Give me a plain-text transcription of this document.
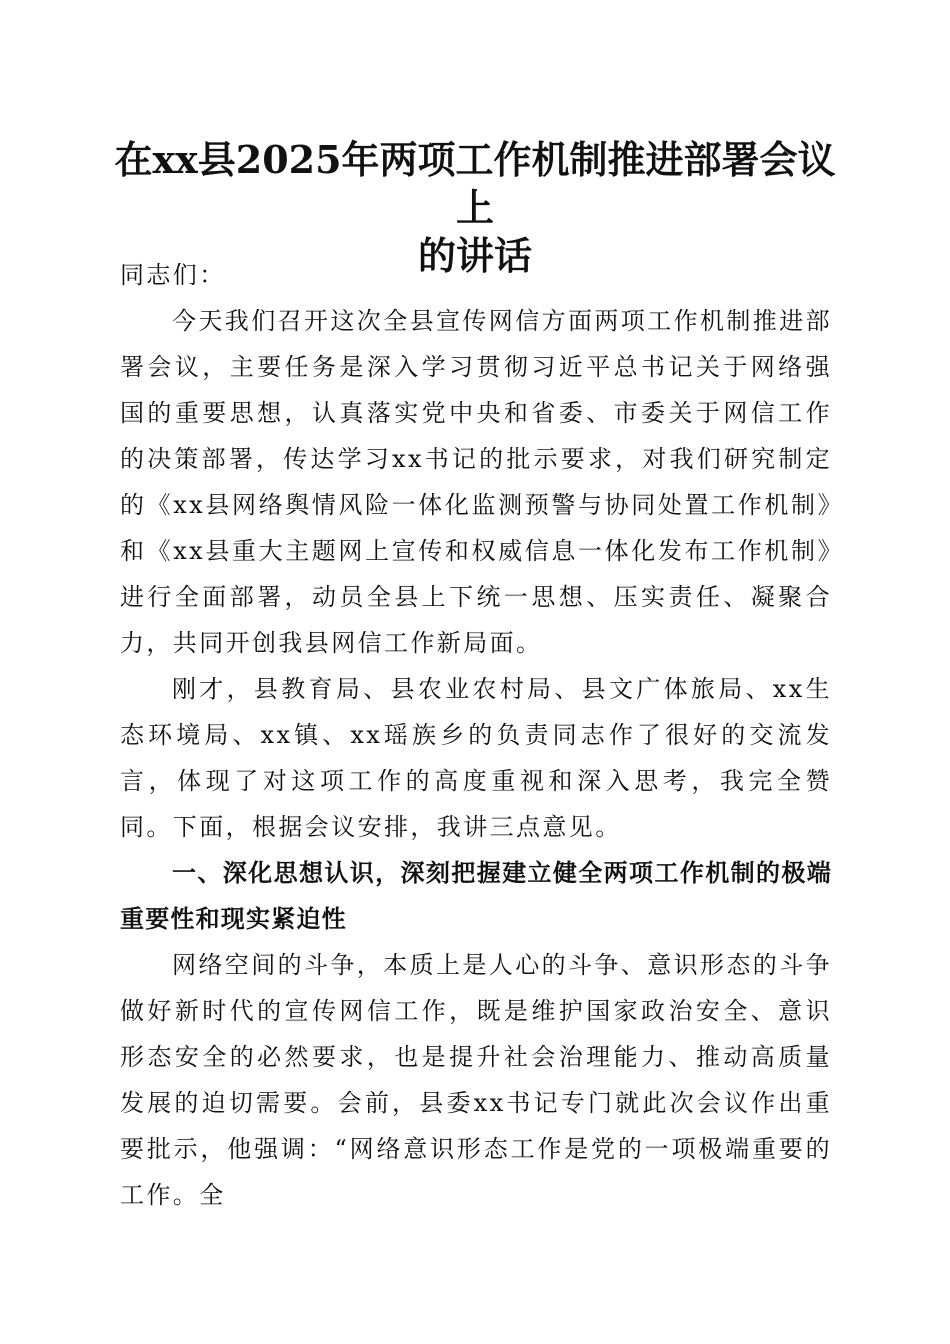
在xx县2025年两项工作机制推进部署会议上
的讲话

同志们：

今天我们召开这次全县宣传网信方面两项工作机制推进部署会议，主要任务是深入学习贯彻习近平总书记关于网络强国的重要思想，认真落实党中央和省委、市委关于网信工作的决策部署，传达学习xx书记的批示要求，对我们研究制定的《xx县网络舆情风险一体化监测预警与协同处置工作机制》和《xx县重大主题网上宣传和权威信息一体化发布工作机制》进行全面部署，动员全县上下统一思想、压实责任、凝聚合力，共同开创我县网信工作新局面。

刚才，县教育局、县农业农村局、县文广体旅局、xx生态环境局、xx镇、xx瑶族乡的负责同志作了很好的交流发言，体现了对这项工作的高度重视和深入思考，我完全赞同。下面，根据会议安排，我讲三点意见。

一、深化思想认识，深刻把握建立健全两项工作机制的极端重要性和现实紧迫性

网络空间的斗争，本质上是人心的斗争、意识形态的斗争做好新时代的宣传网信工作，既是维护国家政治安全、意识形态安全的必然要求，也是提升社会治理能力、推动高质量发展的迫切需要。会前，县委xx书记专门就此次会议作出重要批示，他强调：“网络意识形态工作是党的一项极端重要的工作。全
